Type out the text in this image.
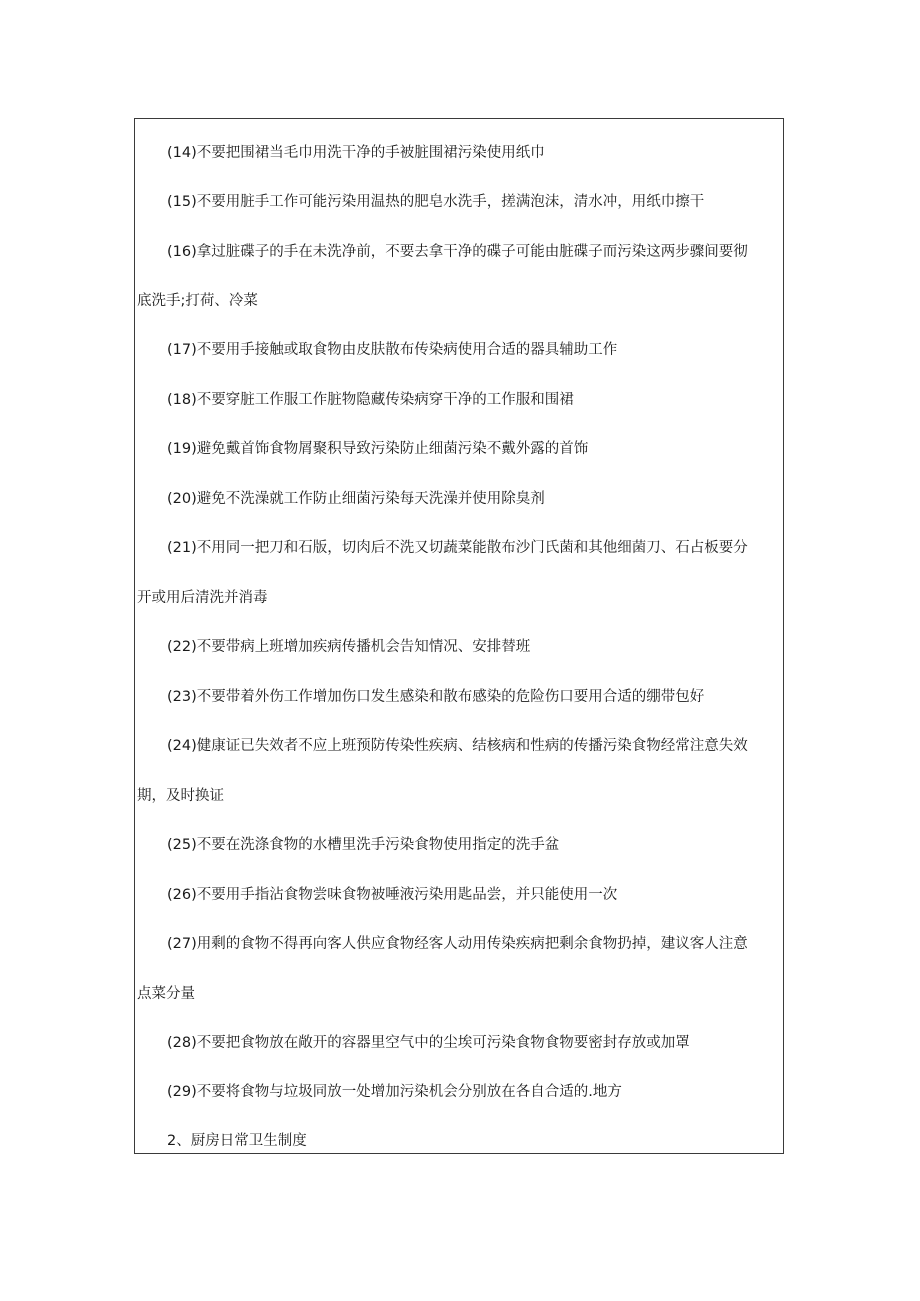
(14)不要把围裙当毛巾用洗干净的手被脏围裙污染使用纸巾
(15)不要用脏手工作可能污染用温热的肥皂水洗手，搓满泡沫，清水冲，用纸巾擦干
(16)拿过脏碟子的手在未洗净前，不要去拿干净的碟子可能由脏碟子而污染这两步骤间要彻
底洗手;打荷、冷菜
(17)不要用手接触或取食物由皮肤散布传染病使用合适的器具辅助工作
(18)不要穿脏工作服工作脏物隐藏传染病穿干净的工作服和围裙
(19)避免戴首饰食物屑聚积导致污染防止细菌污染不戴外露的首饰
(20)避免不洗澡就工作防止细菌污染每天洗澡并使用除臭剂
(21)不用同一把刀和石版，切肉后不洗又切蔬菜能散布沙门氏菌和其他细菌刀、石占板要分
开或用后清洗并消毒
(22)不要带病上班增加疾病传播机会告知情况、安排替班
(23)不要带着外伤工作增加伤口发生感染和散布感染的危险伤口要用合适的绷带包好
(24)健康证已失效者不应上班预防传染性疾病、结核病和性病的传播污染食物经常注意失效
期，及时换证
(25)不要在洗涤食物的水槽里洗手污染食物使用指定的洗手盆
(26)不要用手指沾食物尝味食物被唾液污染用匙品尝，并只能使用一次
(27)用剩的食物不得再向客人供应食物经客人动用传染疾病把剩余食物扔掉，建议客人注意
点菜分量
(28)不要把食物放在敞开的容器里空气中的尘埃可污染食物食物要密封存放或加罩
(29)不要将食物与垃圾同放一处增加污染机会分别放在各自合适的.地方
2、厨房日常卫生制度
